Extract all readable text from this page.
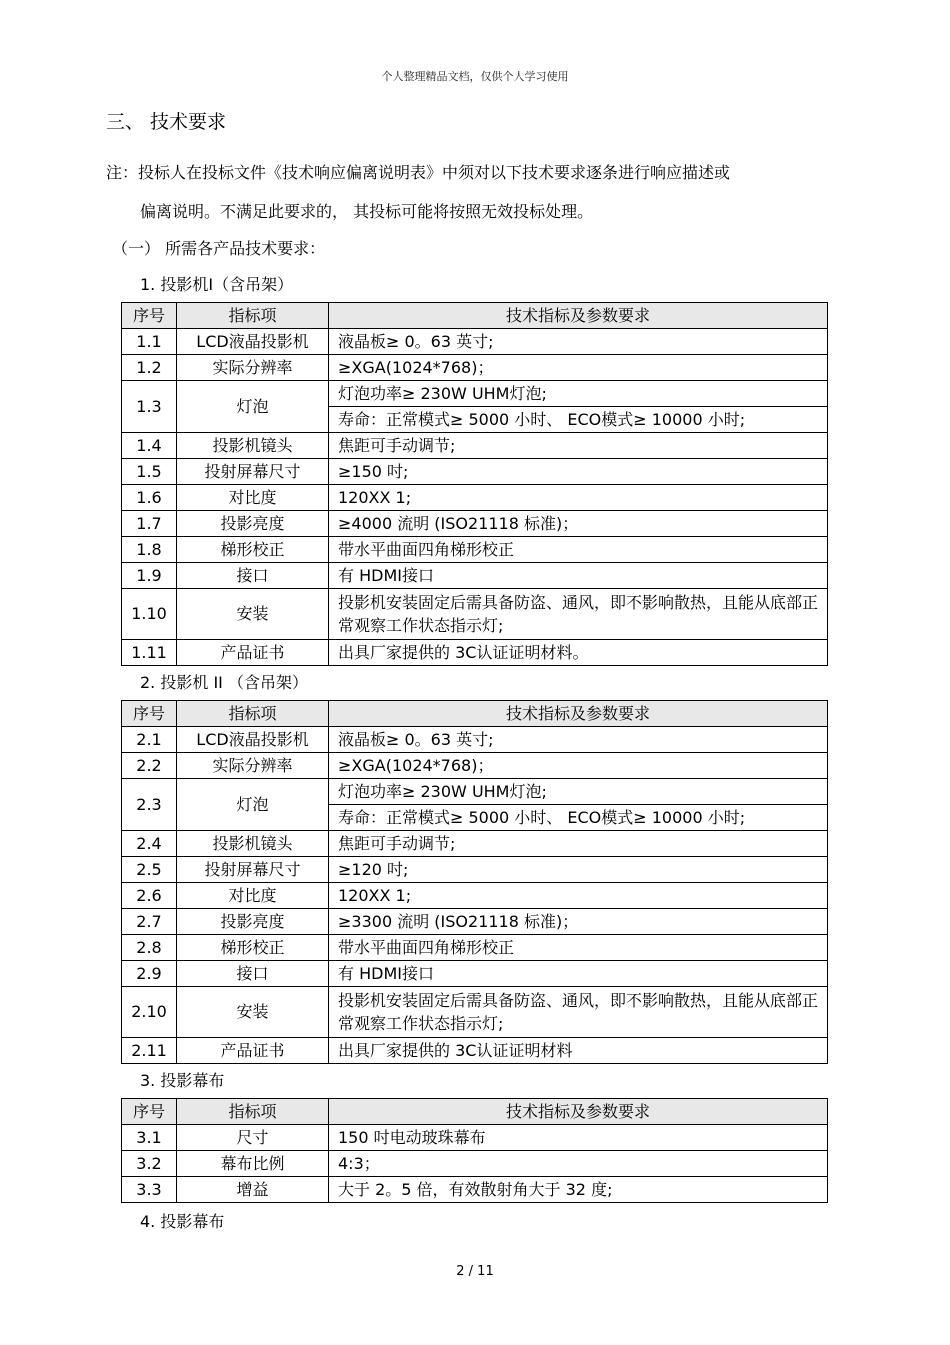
个人整理精品文档，仅供个人学习使用
三、 技术要求
注：投标人在投标文件《技术响应偏离说明表》中须对以下技术要求逐条进行响应描述或
偏离说明。不满足此要求的， 其投标可能将按照无效投标处理。
（一） 所需各产品技术要求：
1. 投影机Ⅰ（含吊架）
序号	指标项	技术指标及参数要求
1.1	LCD液晶投影机	液晶板≥ 0。63 英寸;
1.2	实际分辨率	≥XGA(1024*768)；
1.3	灯泡	灯泡功率≥ 230W UHM灯泡;
		寿命：正常模式≥ 5000 小时、 ECO模式≥ 10000 小时;
1.4	投影机镜头	焦距可手动调节;
1.5	投射屏幕尺寸	≥150 吋;
1.6	对比度	120XX 1;
1.7	投影亮度	≥4000 流明 (ISO21118 标准)；
1.8	梯形校正	带水平曲面四角梯形校正
1.9	接口	有 HDMI接口
1.10	安装	投影机安装固定后需具备防盗、通风，即不影响散热，且能从底部正常观察工作状态指示灯;
1.11	产品证书	出具厂家提供的 3C认证证明材料。
2. 投影机 II （含吊架）
序号	指标项	技术指标及参数要求
2.1	LCD液晶投影机	液晶板≥ 0。63 英寸;
2.2	实际分辨率	≥XGA(1024*768)；
2.3	灯泡	灯泡功率≥ 230W UHM灯泡;
		寿命：正常模式≥ 5000 小时、 ECO模式≥ 10000 小时;
2.4	投影机镜头	焦距可手动调节;
2.5	投射屏幕尺寸	≥120 吋;
2.6	对比度	120XX 1;
2.7	投影亮度	≥3300 流明 (ISO21118 标准)；
2.8	梯形校正	带水平曲面四角梯形校正
2.9	接口	有 HDMI接口
2.10	安装	投影机安装固定后需具备防盗、通风，即不影响散热，且能从底部正常观察工作状态指示灯;
2.11	产品证书	出具厂家提供的 3C认证证明材料
3. 投影幕布
序号	指标项	技术指标及参数要求
3.1	尺寸	150 吋电动玻珠幕布
3.2	幕布比例	4:3；
3.3	增益	大于 2。5 倍，有效散射角大于 32 度;
4. 投影幕布
2 / 11
